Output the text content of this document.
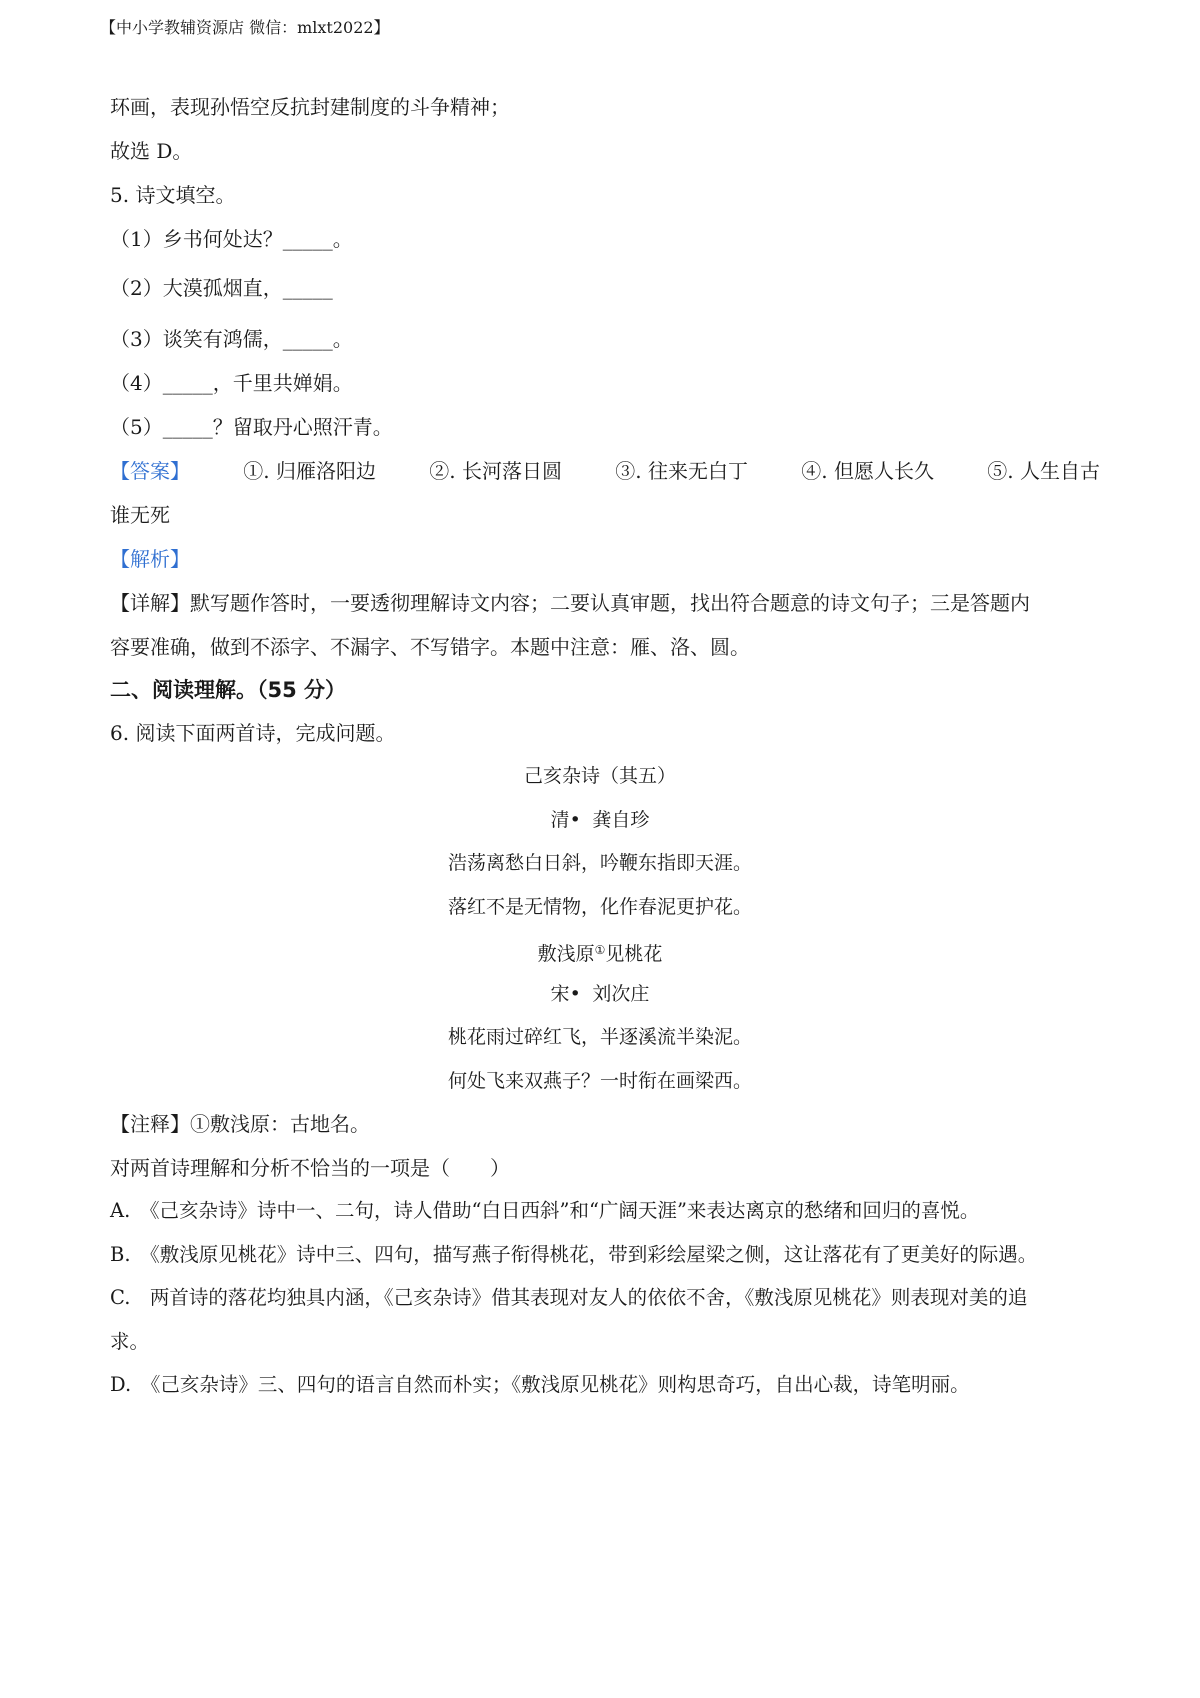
【中小学教辅资源店 微信：mlxt2022】
环画，表现孙悟空反抗封建制度的斗争精神；
故选 D。
5. 诗文填空。
（1）乡书何处达？_____。
（2）大漠孤烟直，_____
（3）谈笑有鸿儒，_____。
（4）_____，千里共婵娟。
（5）_____？留取丹心照汗青。
【答案】	①. 归雁洛阳边	②. 长河落日圆	③. 往来无白丁	④. 但愿人长久	⑤. 人生自古
谁无死
【解析】
【详解】默写题作答时，一要透彻理解诗文内容；二要认真审题，找出符合题意的诗文句子；三是答题内
容要准确，做到不添字、不漏字、不写错字。本题中注意：雁、洛、圆。
二、阅读理解。（55 分）
6. 阅读下面两首诗，完成问题。
己亥杂诗（其五）
清• 龚自珍
浩荡离愁白日斜，吟鞭东指即天涯。
落红不是无情物，化作春泥更护花。
敷浅原①见桃花
宋• 刘次庄
桃花雨过碎红飞，半逐溪流半染泥。
何处飞来双燕子？一时衔在画梁西。
【注释】①敷浅原：古地名。
对两首诗理解和分析不恰当的一项是（　　）
A.　《己亥杂诗》诗中一、二句，诗人借助“白日西斜”和“广阔天涯”来表达离京的愁绪和回归的喜悦。
B.　《敷浅原见桃花》诗中三、四句，描写燕子衔得桃花，带到彩绘屋梁之侧，这让落花有了更美好的际遇。
C.　两首诗的落花均独具内涵，《己亥杂诗》借其表现对友人的依依不舍，《敷浅原见桃花》则表现对美的追
求。
D.　《己亥杂诗》三、四句的语言自然而朴实；《敷浅原见桃花》则构思奇巧，自出心裁，诗笔明丽。
